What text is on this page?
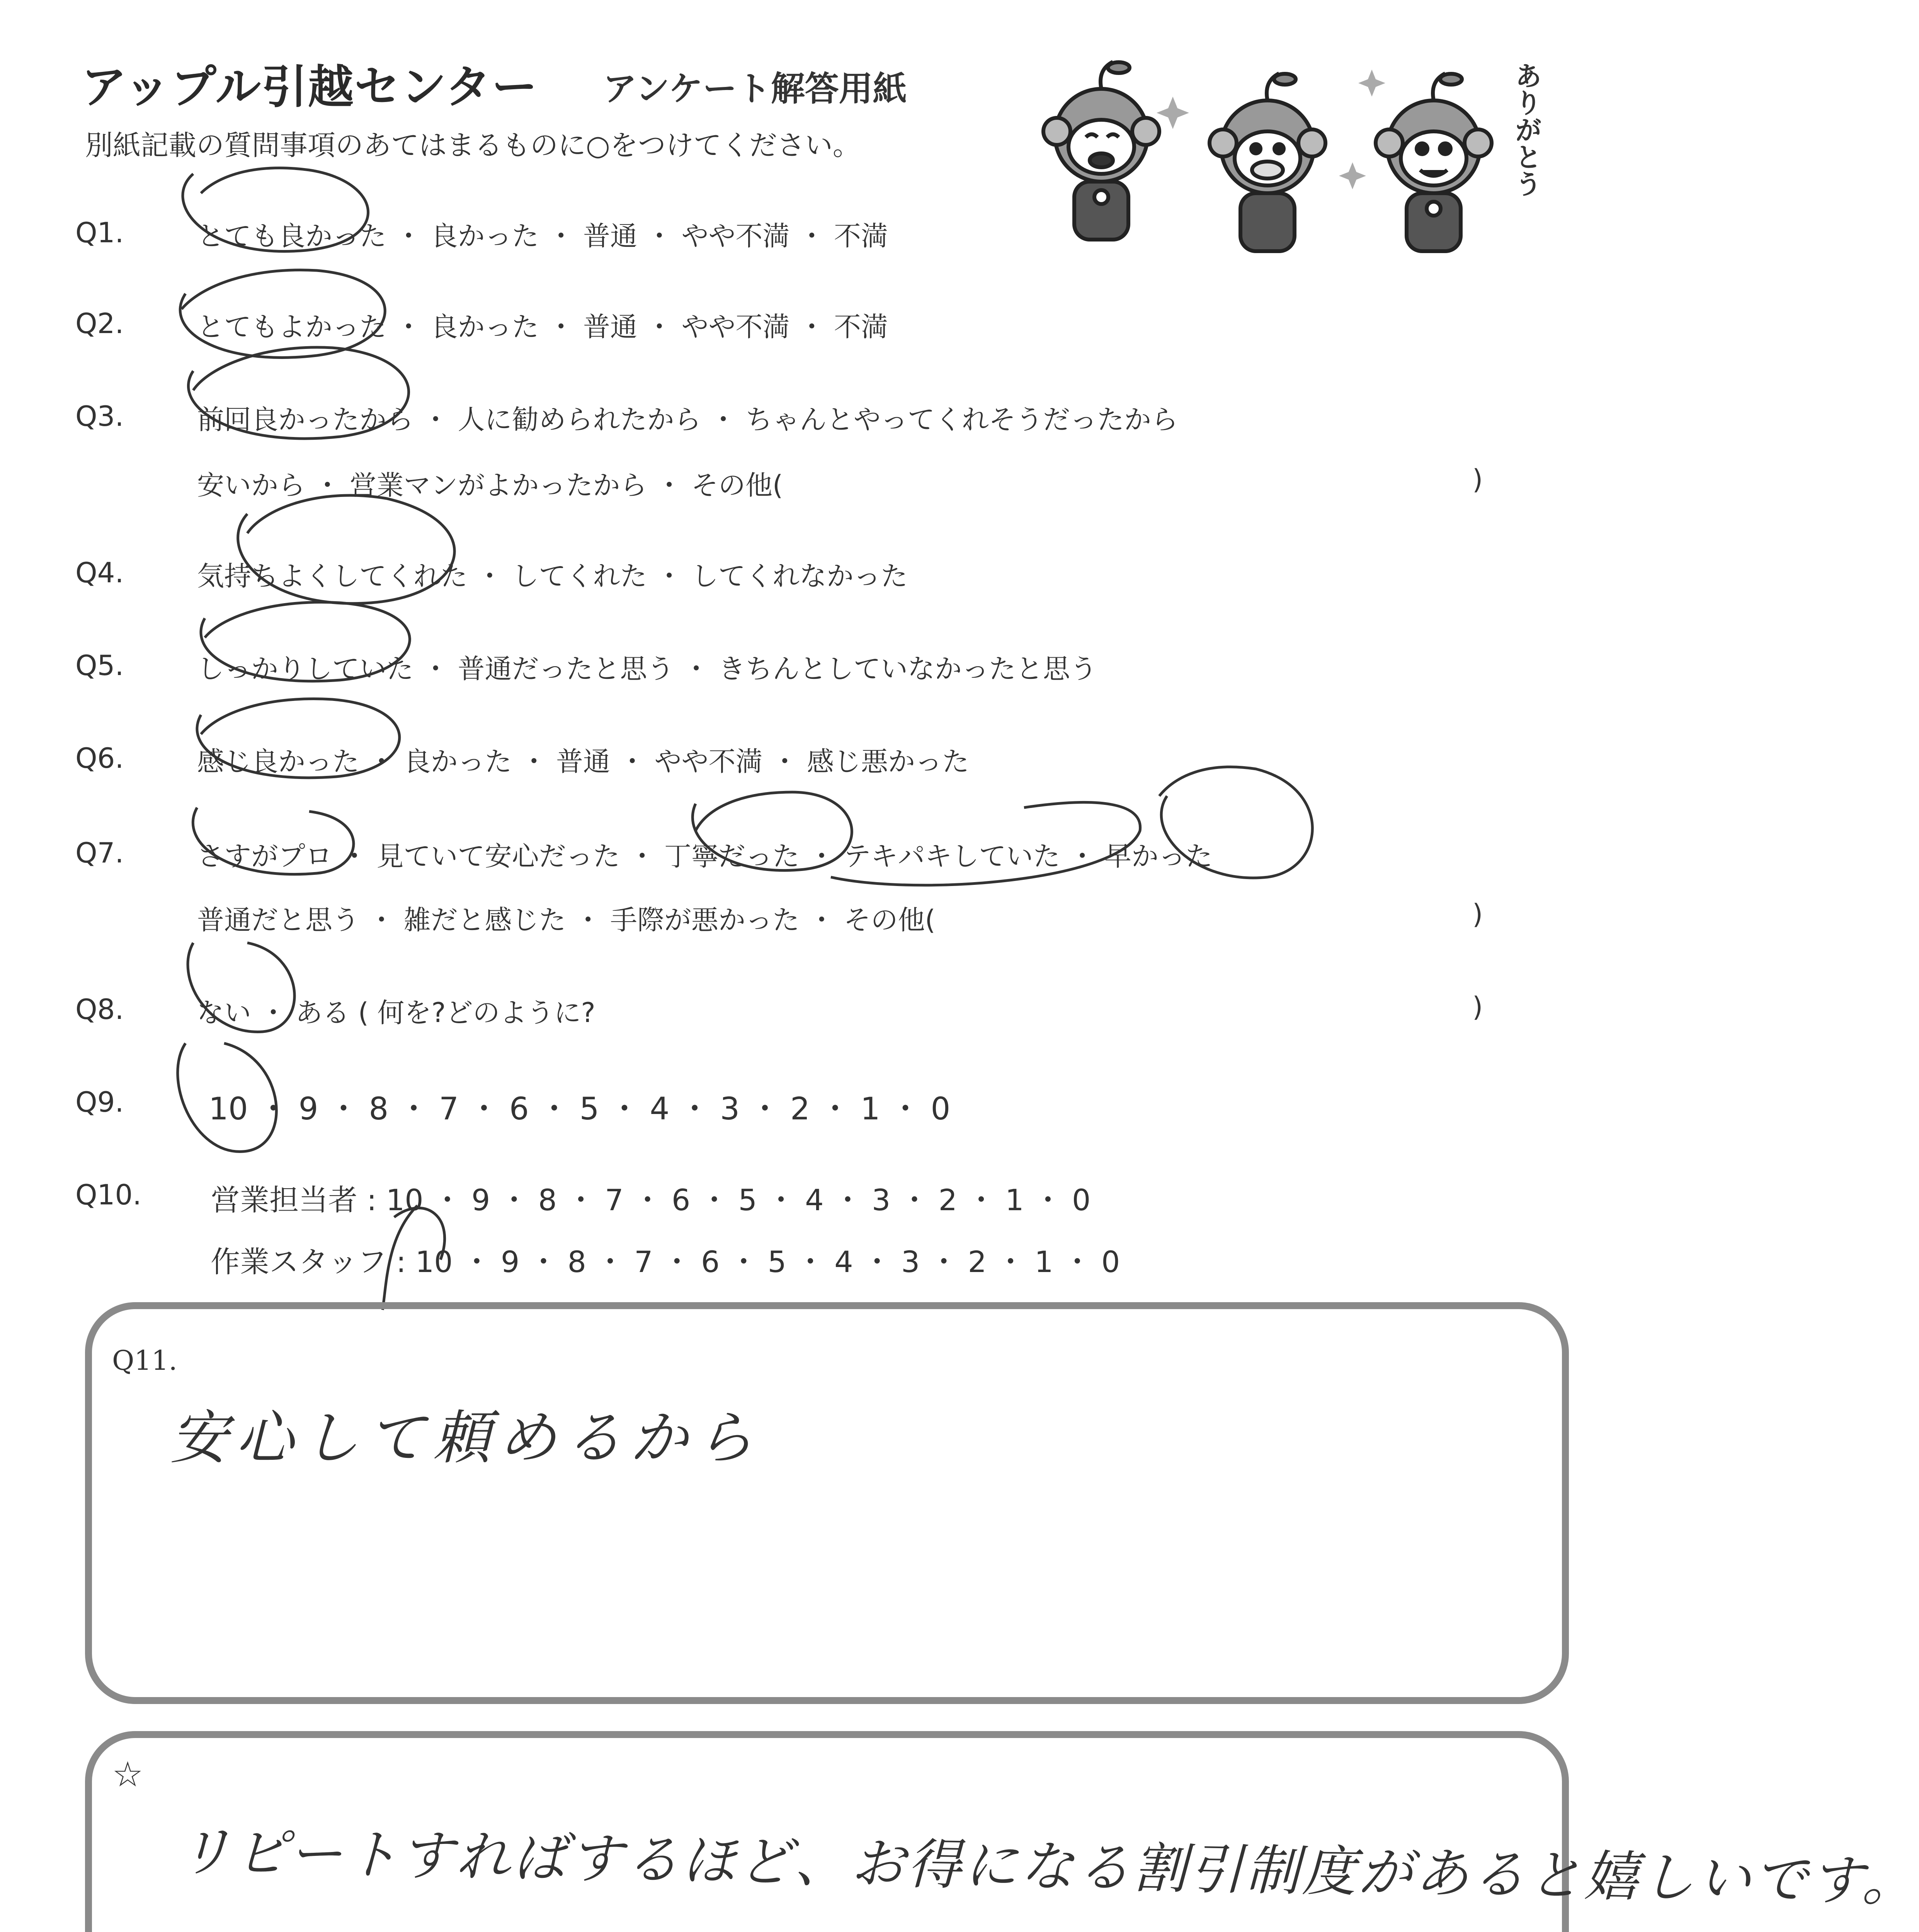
アップル引越センター アンケート解答用紙
別紙記載の質問事項のあてはまるものに○をつけてください。	ありがとう
Q1.	とても良かった ・ 良かった ・ 普通 ・ やや不満 ・ 不満
Q2.	とてもよかった ・ 良かった ・ 普通 ・ やや不満 ・ 不満
Q3.	前回良かったから ・ 人に勧められたから ・ ちゃんとやってくれそうだったから
安いから ・ 営業マンがよかったから ・ その他(	)
Q4.	気持ちよくしてくれた ・ してくれた ・ してくれなかった
Q5.	しっかりしていた ・ 普通だったと思う ・ きちんとしていなかったと思う
Q6.	感じ良かった ・ 良かった ・ 普通 ・ やや不満 ・ 感じ悪かった
Q7.	さすがプロ ・ 見ていて安心だった ・ 丁寧だった ・ テキパキしていた ・ 早かった
普通だと思う ・ 雑だと感じた ・ 手際が悪かった ・ その他(	)
Q8.	ない ・ ある ( 何を?どのように?	)
Q9.	10 ・ 9 ・ 8 ・ 7 ・ 6 ・ 5 ・ 4 ・ 3 ・ 2 ・ 1 ・ 0
Q10. 営業担当者 : 10 ・ 9 ・ 8 ・ 7 ・ 6 ・ 5 ・ 4 ・ 3 ・ 2 ・ 1 ・ 0
作業スタッフ : 10 ・ 9 ・ 8 ・ 7 ・ 6 ・ 5 ・ 4 ・ 3 ・ 2 ・ 1 ・ 0
Q11.
安心して頼めるから
☆
リピートすればするほど、お得になる割引制度があると嬉しいです。
